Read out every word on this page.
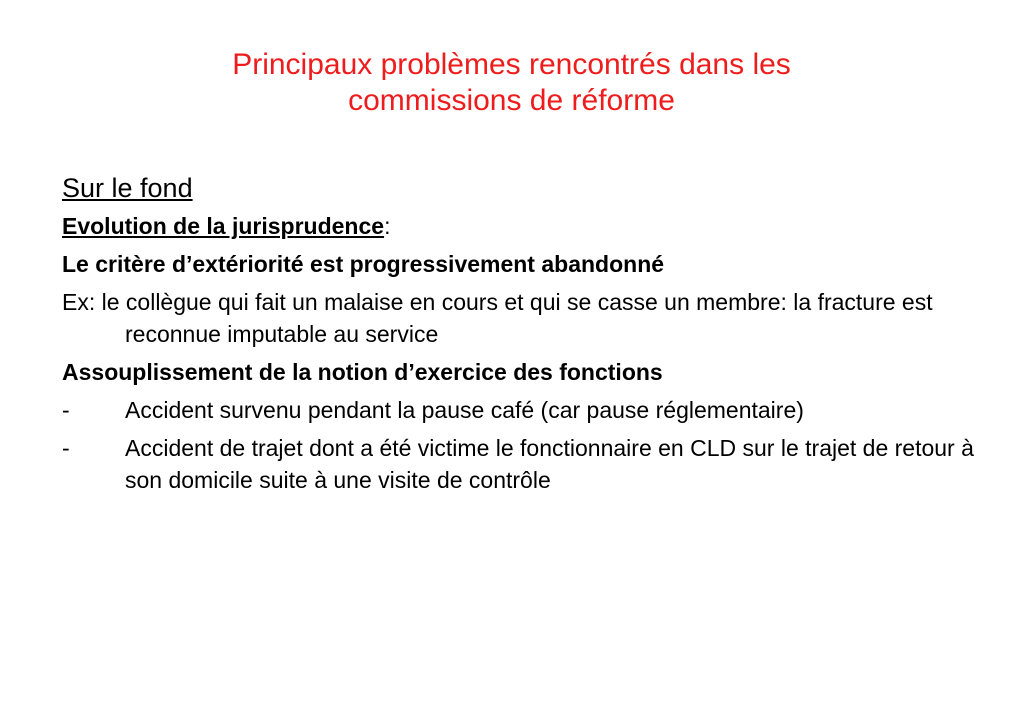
Principaux problèmes rencontrés dans les
commissions de réforme
Sur le fond
Evolution de la jurisprudence:
Le critère d’extériorité est progressivement abandonné
Ex: le collègue qui fait un malaise en cours et qui se casse un membre: la fracture est reconnue imputable au service
Assouplissement de la notion d’exercice des fonctions
- Accident survenu pendant la pause café (car pause réglementaire)
- Accident de trajet dont a été victime le fonctionnaire en CLD sur le trajet de retour à son domicile suite à une visite de contrôle
